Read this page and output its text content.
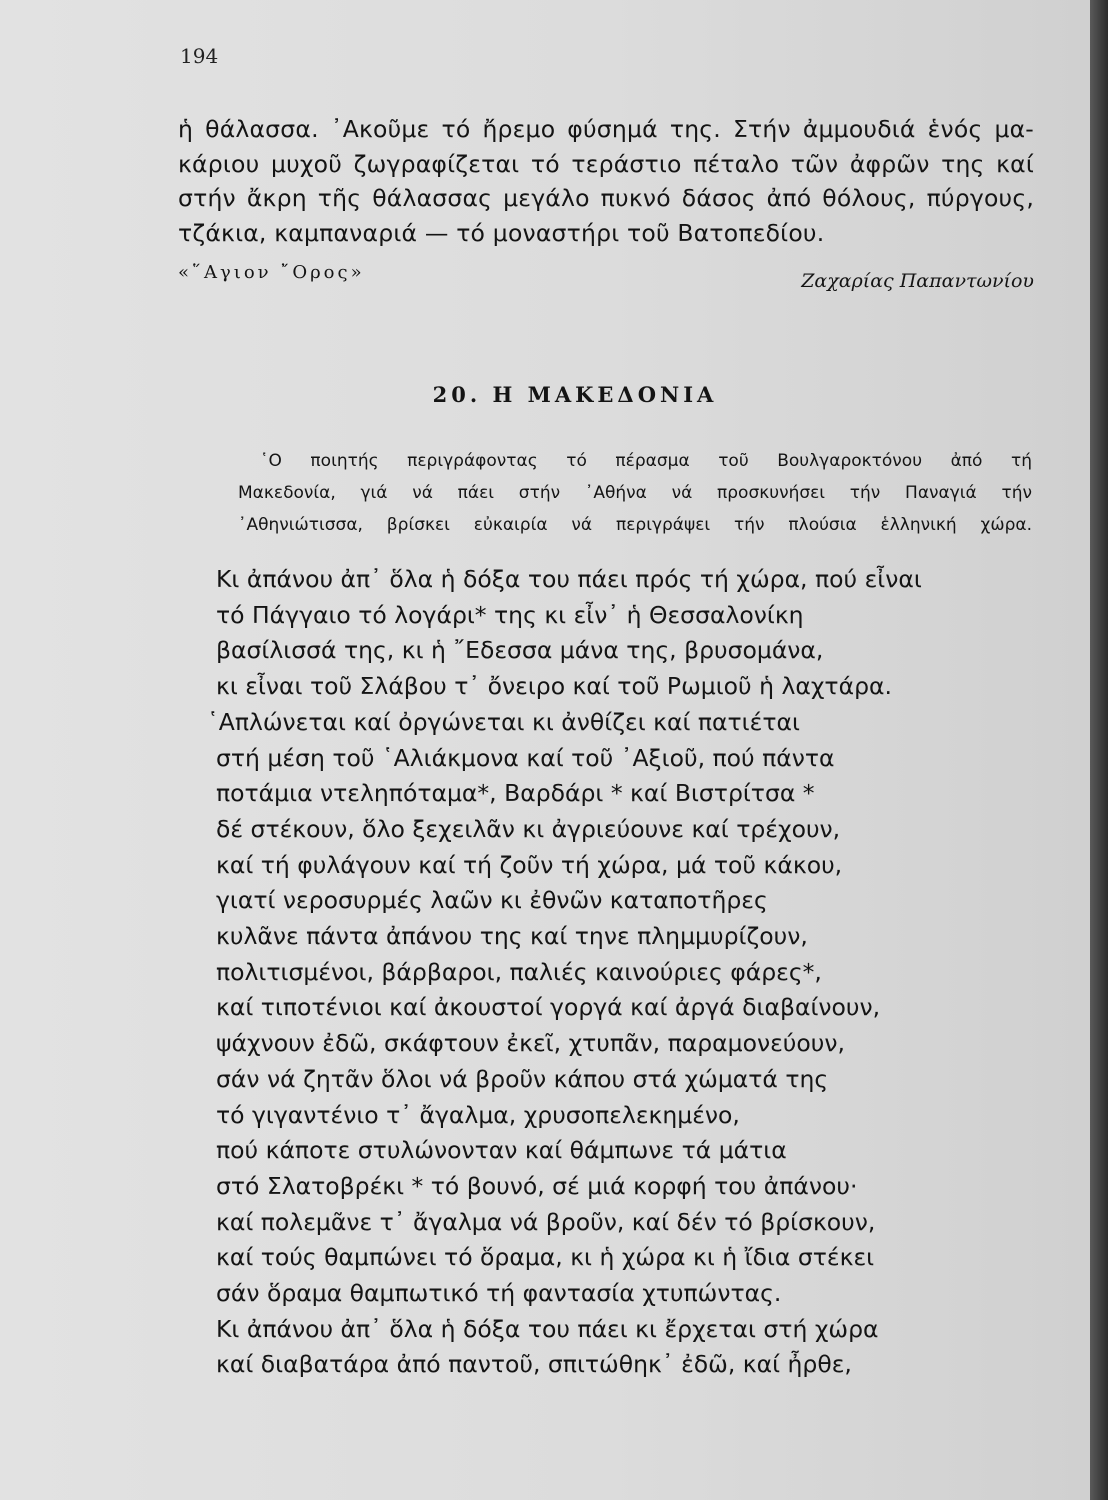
194
ἡ θάλασσα. ᾿Ακοῦμε τό ἤρεμο φύσημά της. Στήν ἀμμουδιά ἑνός μα-
κάριου μυχοῦ ζωγραφίζεται τό τεράστιο πέταλο τῶν ἀφρῶν της καί
στήν ἄκρη τῆς θάλασσας μεγάλο πυκνό δάσος ἀπό θόλους, πύργους,
τζάκια, καμπαναριά — τό μοναστήρι τοῦ Βατοπεδίου.
«῞Αγιον ῎Ορος»	Ζαχαρίας Παπαντωνίου
20. Η ΜΑΚΕΔΟΝΙΑ
῾Ο ποιητής περιγράφοντας τό πέρασμα τοῦ Βουλγαροκτόνου ἀπό τή
Μακεδονία, γιά νά πάει στήν ᾿Αθήνα νά προσκυνήσει τήν Παναγιά τήν
᾿Αθηνιώτισσα, βρίσκει εὐκαιρία νά περιγράψει τήν πλούσια ἑλληνική χώρα.
Κι ἀπάνου ἀπ᾿ ὅλα ἡ δόξα του πάει πρός τή χώρα, πού εἶναι
τό Πάγγαιο τό λογάρι* της κι εἶν᾿ ἡ Θεσσαλονίκη
βασίλισσά της, κι ἡ ῎Εδεσσα μάνα της, βρυσομάνα,
κι εἶναι τοῦ Σλάβου τ᾿ ὄνειρο καί τοῦ Ρωμιοῦ ἡ λαχτάρα.
῾Απλώνεται καί ὀργώνεται κι ἀνθίζει καί πατιέται
στή μέση τοῦ ῾Αλιάκμονα καί τοῦ ᾿Αξιοῦ, πού πάντα
ποτάμια ντεληπόταμα*, Βαρδάρι * καί Βιστρίτσα *
δέ στέκουν, ὅλο ξεχειλᾶν κι ἀγριεύουνε καί τρέχουν,
καί τή φυλάγουν καί τή ζοῦν τή χώρα, μά τοῦ κάκου,
γιατί νεροσυρμές λαῶν κι ἐθνῶν καταποτῆρες
κυλᾶνε πάντα ἀπάνου της καί τηνε πλημμυρίζουν,
πολιτισμένοι, βάρβαροι, παλιές καινούριες φάρες*,
καί τιποτένιοι καί ἀκουστοί γοργά καί ἀργά διαβαίνουν,
ψάχνουν ἐδῶ, σκάφτουν ἐκεῖ, χτυπᾶν, παραμονεύουν,
σάν νά ζητᾶν ὅλοι νά βροῦν κάπου στά χώματά της
τό γιγαντένιο τ᾿ ἄγαλμα, χρυσοπελεκημένο,
πού κάποτε στυλώνονταν καί θάμπωνε τά μάτια
στό Σλατοβρέκι * τό βουνό, σέ μιά κορφή του ἀπάνου·
καί πολεμᾶνε τ᾿ ἄγαλμα νά βροῦν, καί δέν τό βρίσκουν,
καί τούς θαμπώνει τό ὅραμα, κι ἡ χώρα κι ἡ ἴδια στέκει
σάν ὅραμα θαμπωτικό τή φαντασία χτυπώντας.
Κι ἀπάνου ἀπ᾿ ὅλα ἡ δόξα του πάει κι ἔρχεται στή χώρα
καί διαβατάρα ἀπό παντοῦ, σπιτώθηκ᾿ ἐδῶ, καί ἦρθε,
